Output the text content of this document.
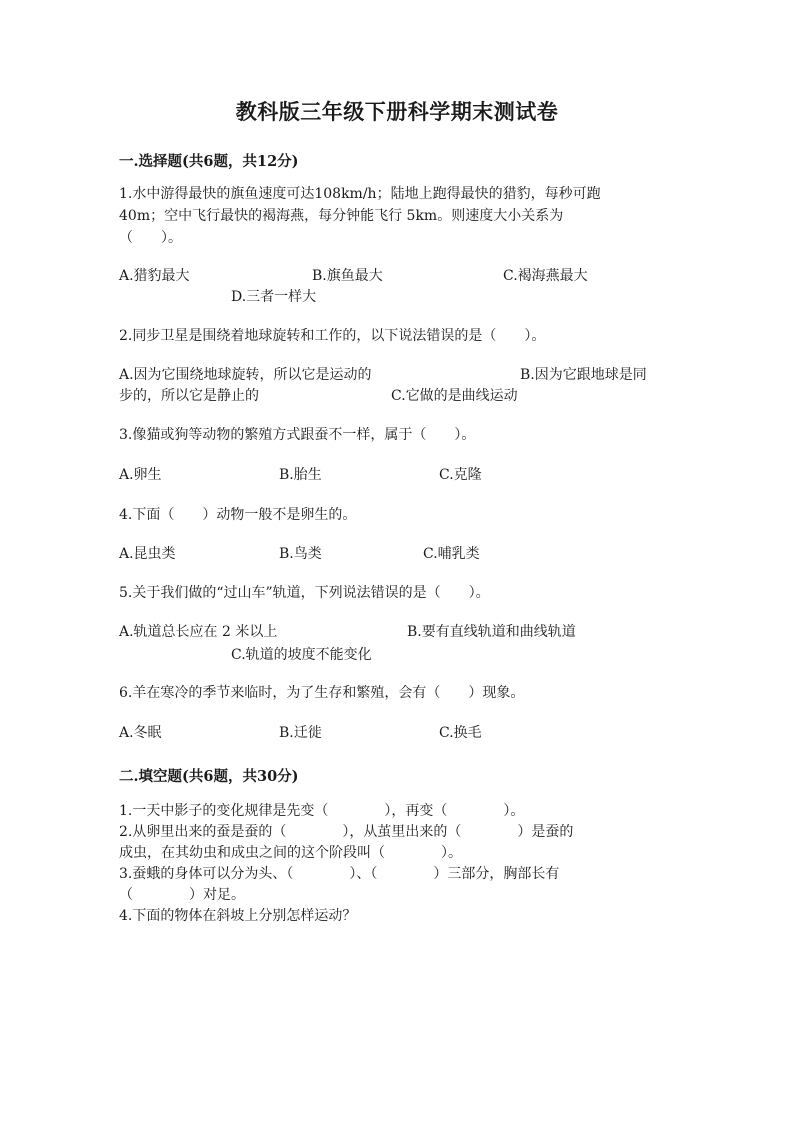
教科版三年级下册科学期末测试卷

一.选择题(共6题，共12分)

1.水中游得最快的旗鱼速度可达108km/h；陆地上跑得最快的猎豹，每秒可跑

40m；空中飞行最快的褐海燕，每分钟能飞行 5km。则速度大小关系为

（　　）。

A.猎豹最大	B.旗鱼最大	C.褐海燕最大

D.三者一样大

2.同步卫星是围绕着地球旋转和工作的，以下说法错误的是（　　）。

A.因为它围绕地球旋转，所以它是运动的	B.因为它跟地球是同

步的，所以它是静止的	C.它做的是曲线运动

3.像猫或狗等动物的繁殖方式跟蚕不一样，属于（　　）。

A.卵生	B.胎生	C.克隆

4.下面（　　）动物一般不是卵生的。

A.昆虫类	B.鸟类	C.哺乳类

5.关于我们做的“过山车”轨道，下列说法错误的是（　　）。

A.轨道总长应在 2 米以上	B.要有直线轨道和曲线轨道

C.轨道的坡度不能变化

6.羊在寒冷的季节来临时，为了生存和繁殖，会有（　　）现象。

A.冬眠	B.迁徙	C.换毛

二.填空题(共6题，共30分)

1.一天中影子的变化规律是先变（　　　　），再变（　　　　）。

2.从卵里出来的蚕是蚕的（　　　　），从茧里出来的（　　　　）是蚕的

成虫，在其幼虫和成虫之间的这个阶段叫（　　　　）。

3.蚕蛾的身体可以分为头、（　　　　）、（　　　　）三部分，胸部长有

（　　　　）对足。

4.下面的物体在斜坡上分别怎样运动？
